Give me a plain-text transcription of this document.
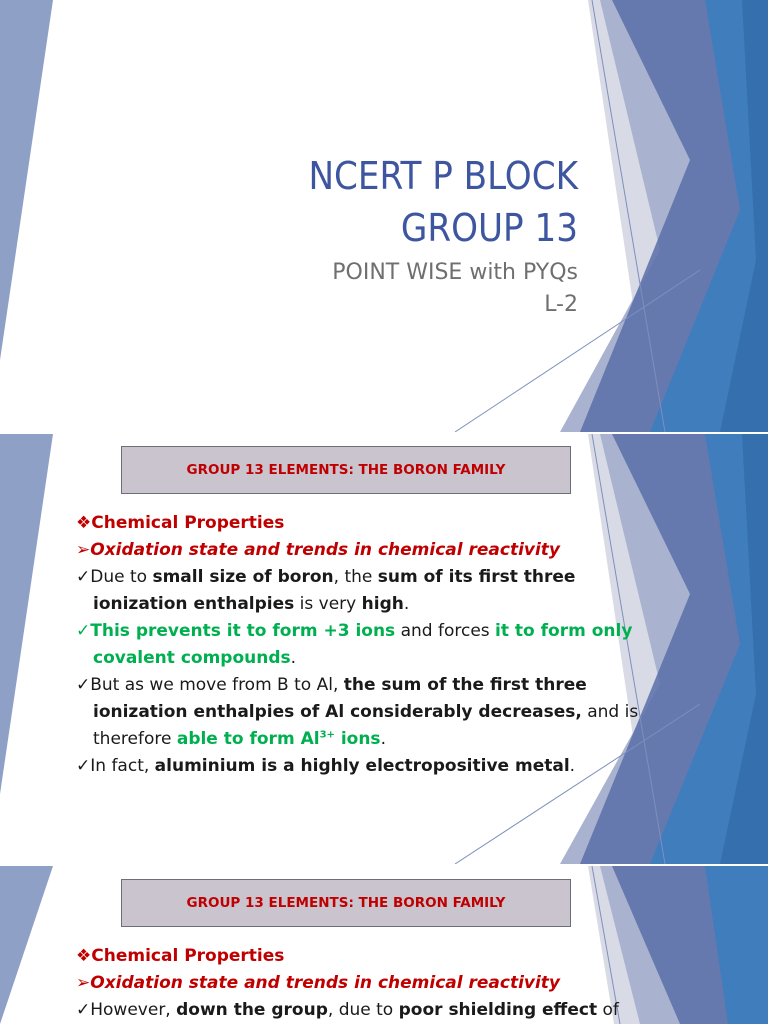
NCERT P BLOCK
GROUP 13
POINT WISE with PYQs
L-2
GROUP 13 ELEMENTS: THE BORON FAMILY
❖Chemical Properties
➢Oxidation state and trends in chemical reactivity
✓Due to small size of boron, the sum of its first three
ionization enthalpies is very high.
✓This prevents it to form +3 ions and forces it to form only
covalent compounds.
✓But as we move from B to Al, the sum of the first three
ionization enthalpies of Al considerably decreases, and is
therefore able to form $Al^{3+}$ ions.
✓In fact, aluminium is a highly electropositive metal.
GROUP 13 ELEMENTS: THE BORON FAMILY
❖Chemical Properties
➢Oxidation state and trends in chemical reactivity
✓However, down the group, due to poor shielding effect of
